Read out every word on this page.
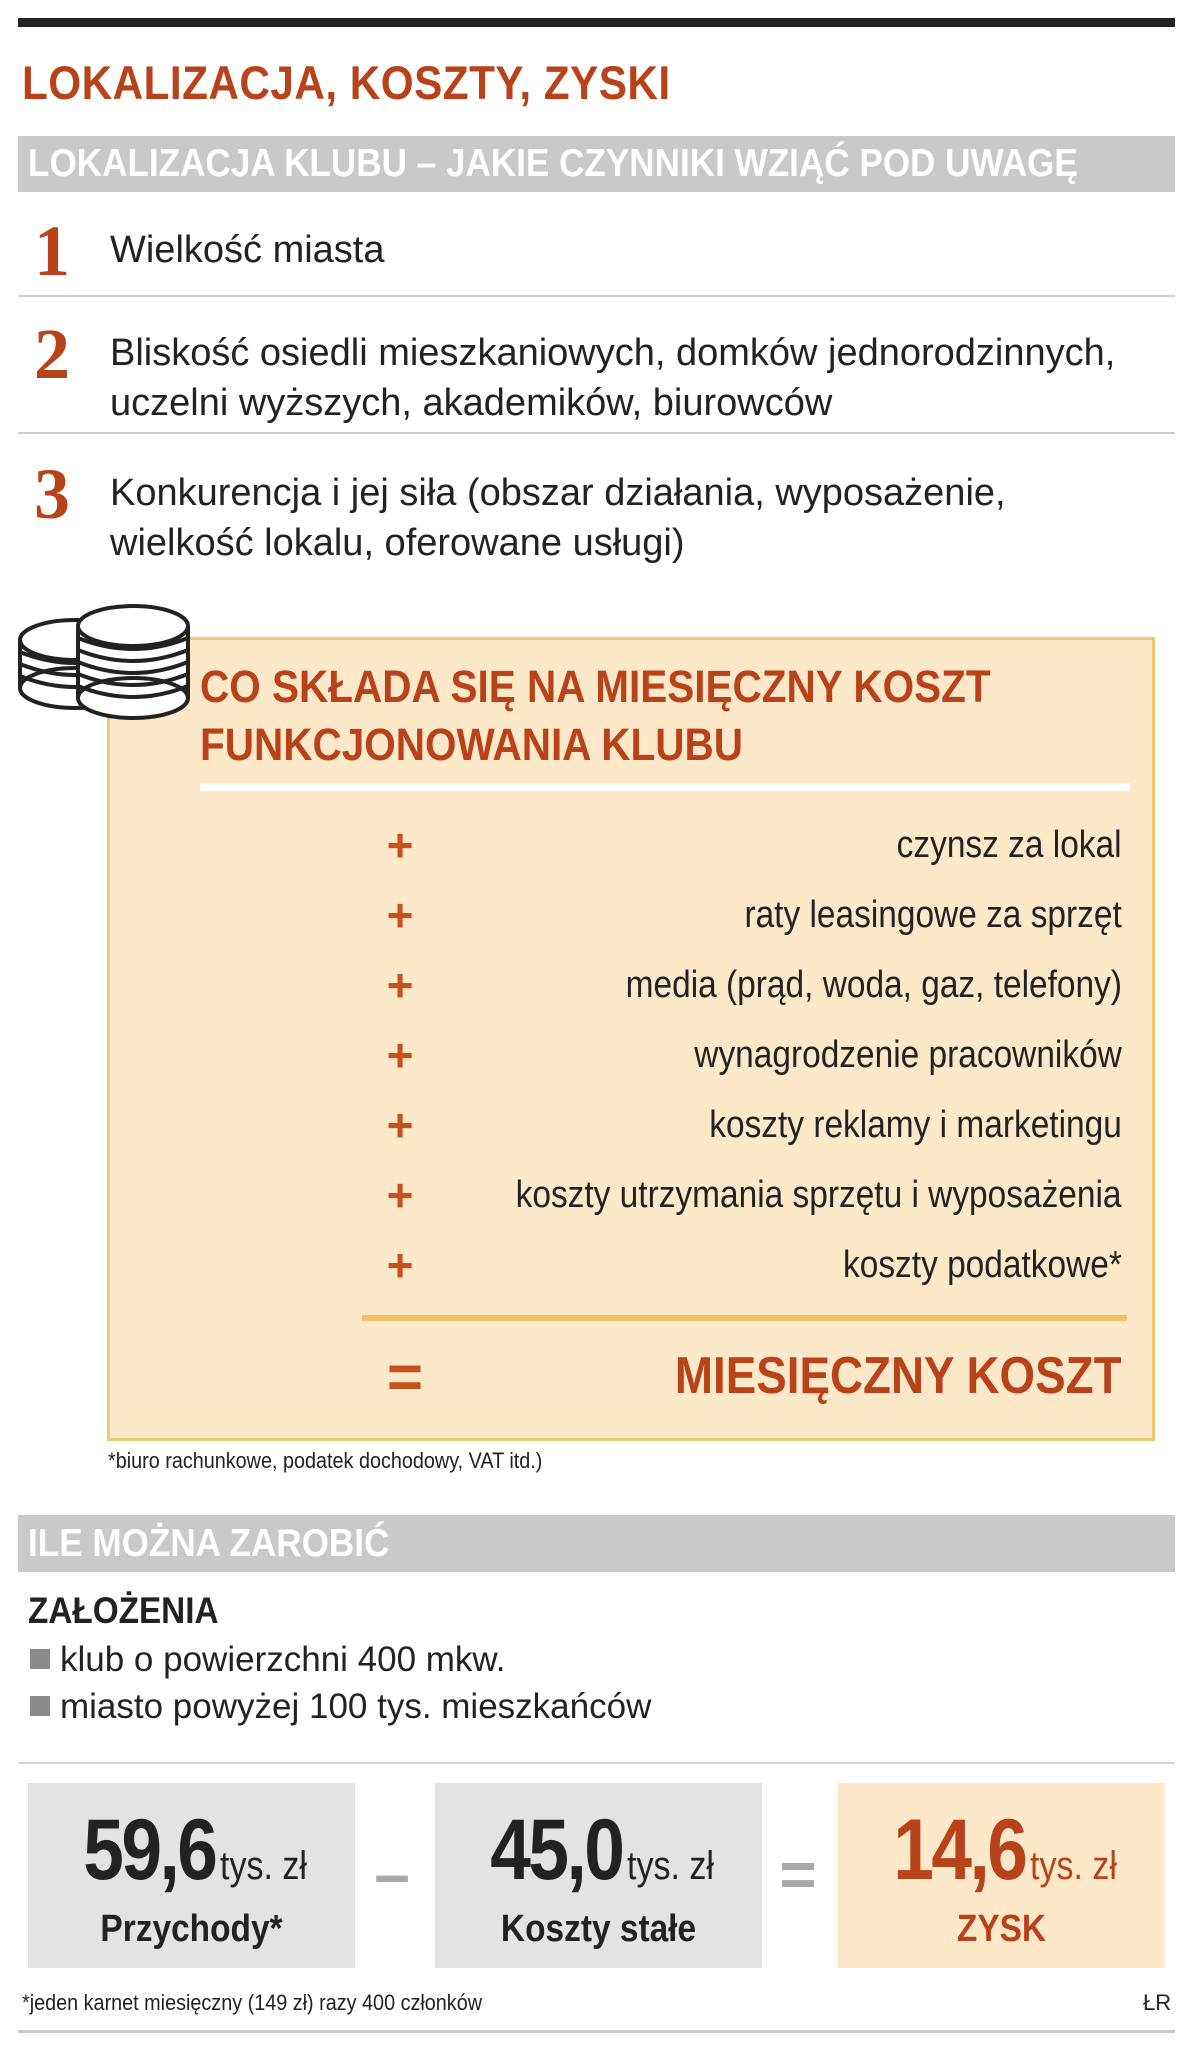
LOKALIZACJA, KOSZTY, ZYSKI
LOKALIZACJA KLUBU – JAKIE CZYNNIKI WZIĄĆ POD UWAGĘ
1 Wielkość miasta
2 Bliskość osiedli mieszkaniowych, domków jednorodzinnych, uczelni wyższych, akademików, biurowców
3 Konkurencja i jej siła (obszar działania, wyposażenie, wielkość lokalu, oferowane usługi)
CO SKŁADA SIĘ NA MIESIĘCZNY KOSZT
FUNKCJONOWANIA KLUBU
+	czynsz za lokal
+	raty leasingowe za sprzęt
+	media (prąd, woda, gaz, telefony)
+	wynagrodzenie pracowników
+	koszty reklamy i marketingu
+	koszty utrzymania sprzętu i wyposażenia
+	koszty podatkowe*
=	MIESIĘCZNY KOSZT
*biuro rachunkowe, podatek dochodowy, VAT itd.)
ILE MOŻNA ZAROBIĆ
ZAŁOŻENIA
klub o powierzchni 400 mkw.
miasto powyżej 100 tys. mieszkańców
59,6 tys. zł
Przychody*
– 45,0 tys. zł
Koszty stałe
= 14,6 tys. zł
ZYSK
*jeden karnet miesięczny (149 zł) razy 400 członków	ŁR
